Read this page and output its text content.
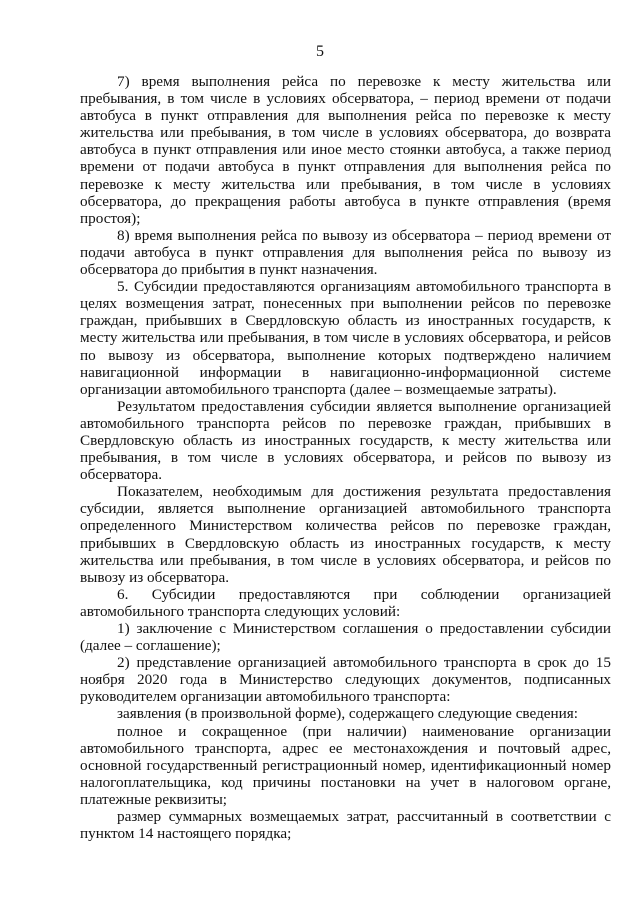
5

7) время выполнения рейса по перевозке к месту жительства или пребывания, в том числе в условиях обсерватора, – период времени от подачи автобуса в пункт отправления для выполнения рейса по перевозке к месту жительства или пребывания, в том числе в условиях обсерватора, до возврата автобуса в пункт отправления или иное место стоянки автобуса, а также период времени от подачи автобуса в пункт отправления для выполнения рейса по перевозке к месту жительства или пребывания, в том числе в условиях обсерватора, до прекращения работы автобуса в пункте отправления (время простоя);

8) время выполнения рейса по вывозу из обсерватора – период времени от подачи автобуса в пункт отправления для выполнения рейса по вывозу из обсерватора до прибытия в пункт назначения.

5. Субсидии предоставляются организациям автомобильного транспорта в целях возмещения затрат, понесенных при выполнении рейсов по перевозке граждан, прибывших в Свердловскую область из иностранных государств, к месту жительства или пребывания, в том числе в условиях обсерватора, и рейсов по вывозу из обсерватора, выполнение которых подтверждено наличием навигационной информации в навигационно-информационной системе организации автомобильного транспорта (далее – возмещаемые затраты).

Результатом предоставления субсидии является выполнение организацией автомобильного транспорта рейсов по перевозке граждан, прибывших в Свердловскую область из иностранных государств, к месту жительства или пребывания, в том числе в условиях обсерватора, и рейсов по вывозу из обсерватора.

Показателем, необходимым для достижения результата предоставления субсидии, является выполнение организацией автомобильного транспорта определенного Министерством количества рейсов по перевозке граждан, прибывших в Свердловскую область из иностранных государств, к месту жительства или пребывания, в том числе в условиях обсерватора, и рейсов по вывозу из обсерватора.

6. Субсидии предоставляются при соблюдении организацией автомобильного транспорта следующих условий:

1) заключение с Министерством соглашения о предоставлении субсидии (далее – соглашение);

2) представление организацией автомобильного транспорта в срок до 15 ноября 2020 года в Министерство следующих документов, подписанных руководителем организации автомобильного транспорта:

заявления (в произвольной форме), содержащего следующие сведения:

полное и сокращенное (при наличии) наименование организации автомобильного транспорта, адрес ее местонахождения и почтовый адрес, основной государственный регистрационный номер, идентификационный номер налогоплательщика, код причины постановки на учет в налоговом органе, платежные реквизиты;

размер суммарных возмещаемых затрат, рассчитанный в соответствии с пунктом 14 настоящего порядка;
